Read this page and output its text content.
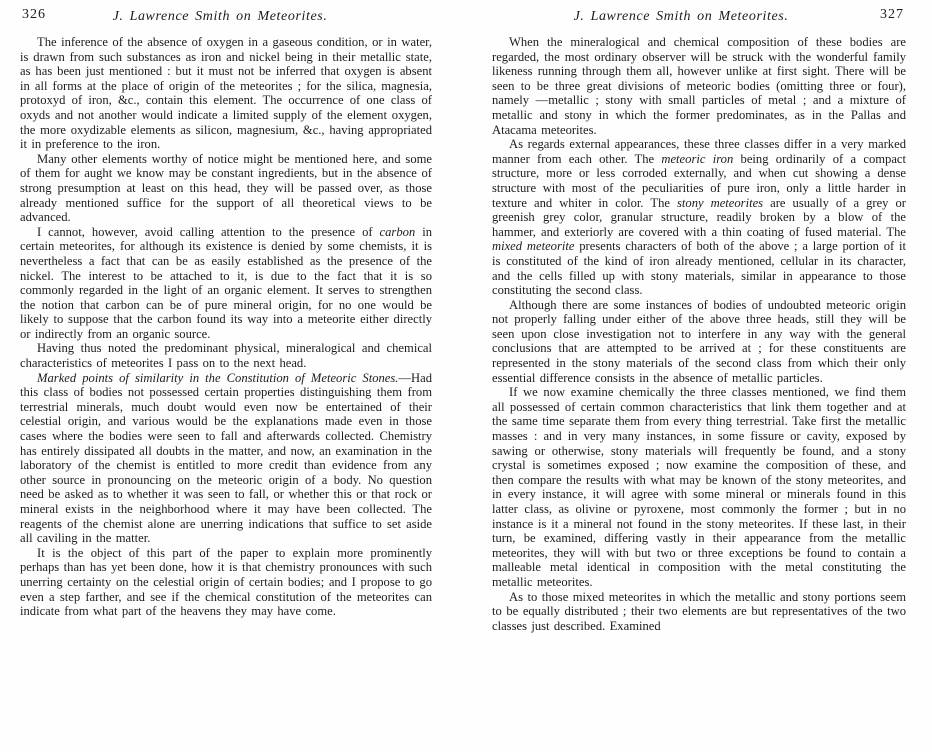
326	J. Lawrence Smith on Meteorites.

The inference of the absence of oxygen in a gaseous condition, or in water, is drawn from such substances as iron and nickel being in their metallic state, as has been just mentioned : but it must not be inferred that oxygen is absent in all forms at the place of origin of the meteorites ; for the silica, magnesia, protoxyd of iron, &c., contain this element. The occurrence of one class of oxyds and not another would indicate a limited supply of the element oxygen, the more oxydizable elements as silicon, magnesium, &c., having appropriated it in preference to the iron.

Many other elements worthy of notice might be mentioned here, and some of them for aught we know may be constant ingredients, but in the absence of strong presumption at least on this head, they will be passed over, as those already mentioned suffice for the support of all theoretical views to be advanced.

I cannot, however, avoid calling attention to the presence of carbon in certain meteorites, for although its existence is denied by some chemists, it is nevertheless a fact that can be as easily established as the presence of the nickel. The interest to be attached to it, is due to the fact that it is so commonly regarded in the light of an organic element. It serves to strengthen the notion that carbon can be of pure mineral origin, for no one would be likely to suppose that the carbon found its way into a meteorite either directly or indirectly from an organic source.

Having thus noted the predominant physical, mineralogical and chemical characteristics of meteorites I pass on to the next head.

Marked points of similarity in the Constitution of Meteoric Stones.—Had this class of bodies not possessed certain properties distinguishing them from terrestrial minerals, much doubt would even now be entertained of their celestial origin, and various would be the explanations made even in those cases where the bodies were seen to fall and afterwards collected. Chemistry has entirely dissipated all doubts in the matter, and now, an examination in the laboratory of the chemist is entitled to more credit than evidence from any other source in pronouncing on the meteoric origin of a body. No question need be asked as to whether it was seen to fall, or whether this or that rock or mineral exists in the neighborhood where it may have been collected. The reagents of the chemist alone are unerring indications that suffice to set aside all caviling in the matter.

It is the object of this part of the paper to explain more prominently perhaps than has yet been done, how it is that chemistry pronounces with such unerring certainty on the celestial origin of certain bodies; and I propose to go even a step farther, and see if the chemical constitution of the meteorites can indicate from what part of the heavens they may have come.

J. Lawrence Smith on Meteorites.	327

When the mineralogical and chemical composition of these bodies are regarded, the most ordinary observer will be struck with the wonderful family likeness running through them all, however unlike at first sight. There will be seen to be three great divisions of meteoric bodies (omitting three or four), namely —metallic ; stony with small particles of metal ; and a mixture of metallic and stony in which the former predominates, as in the Pallas and Atacama meteorites.

As regards external appearances, these three classes differ in a very marked manner from each other. The meteoric iron being ordinarily of a compact structure, more or less corroded externally, and when cut showing a dense structure with most of the peculiarities of pure iron, only a little harder in texture and whiter in color. The stony meteorites are usually of a grey or greenish grey color, granular structure, readily broken by a blow of the hammer, and exteriorly are covered with a thin coating of fused material. The mixed meteorite presents characters of both of the above ; a large portion of it is constituted of the kind of iron already mentioned, cellular in its character, and the cells filled up with stony materials, similar in appearance to those constituting the second class.

Although there are some instances of bodies of undoubted meteoric origin not properly falling under either of the above three heads, still they will be seen upon close investigation not to interfere in any way with the general conclusions that are attempted to be arrived at ; for these constituents are represented in the stony materials of the second class from which their only essential difference consists in the absence of metallic particles.

If we now examine chemically the three classes mentioned, we find them all possessed of certain common characteristics that link them together and at the same time separate them from every thing terrestrial. Take first the metallic masses : and in very many instances, in some fissure or cavity, exposed by sawing or otherwise, stony materials will frequently be found, and a stony crystal is sometimes exposed ; now examine the composition of these, and then compare the results with what may be known of the stony meteorites, and in every instance, it will agree with some mineral or minerals found in this latter class, as olivine or pyroxene, most commonly the former ; but in no instance is it a mineral not found in the stony meteorites. If these last, in their turn, be examined, differing vastly in their appearance from the metallic meteorites, they will with but two or three exceptions be found to contain a malleable metal identical in composition with the metal constituting the metallic meteorites.

As to those mixed meteorites in which the metallic and stony portions seem to be equally distributed ; their two elements are but representatives of the two classes just described. Examined
